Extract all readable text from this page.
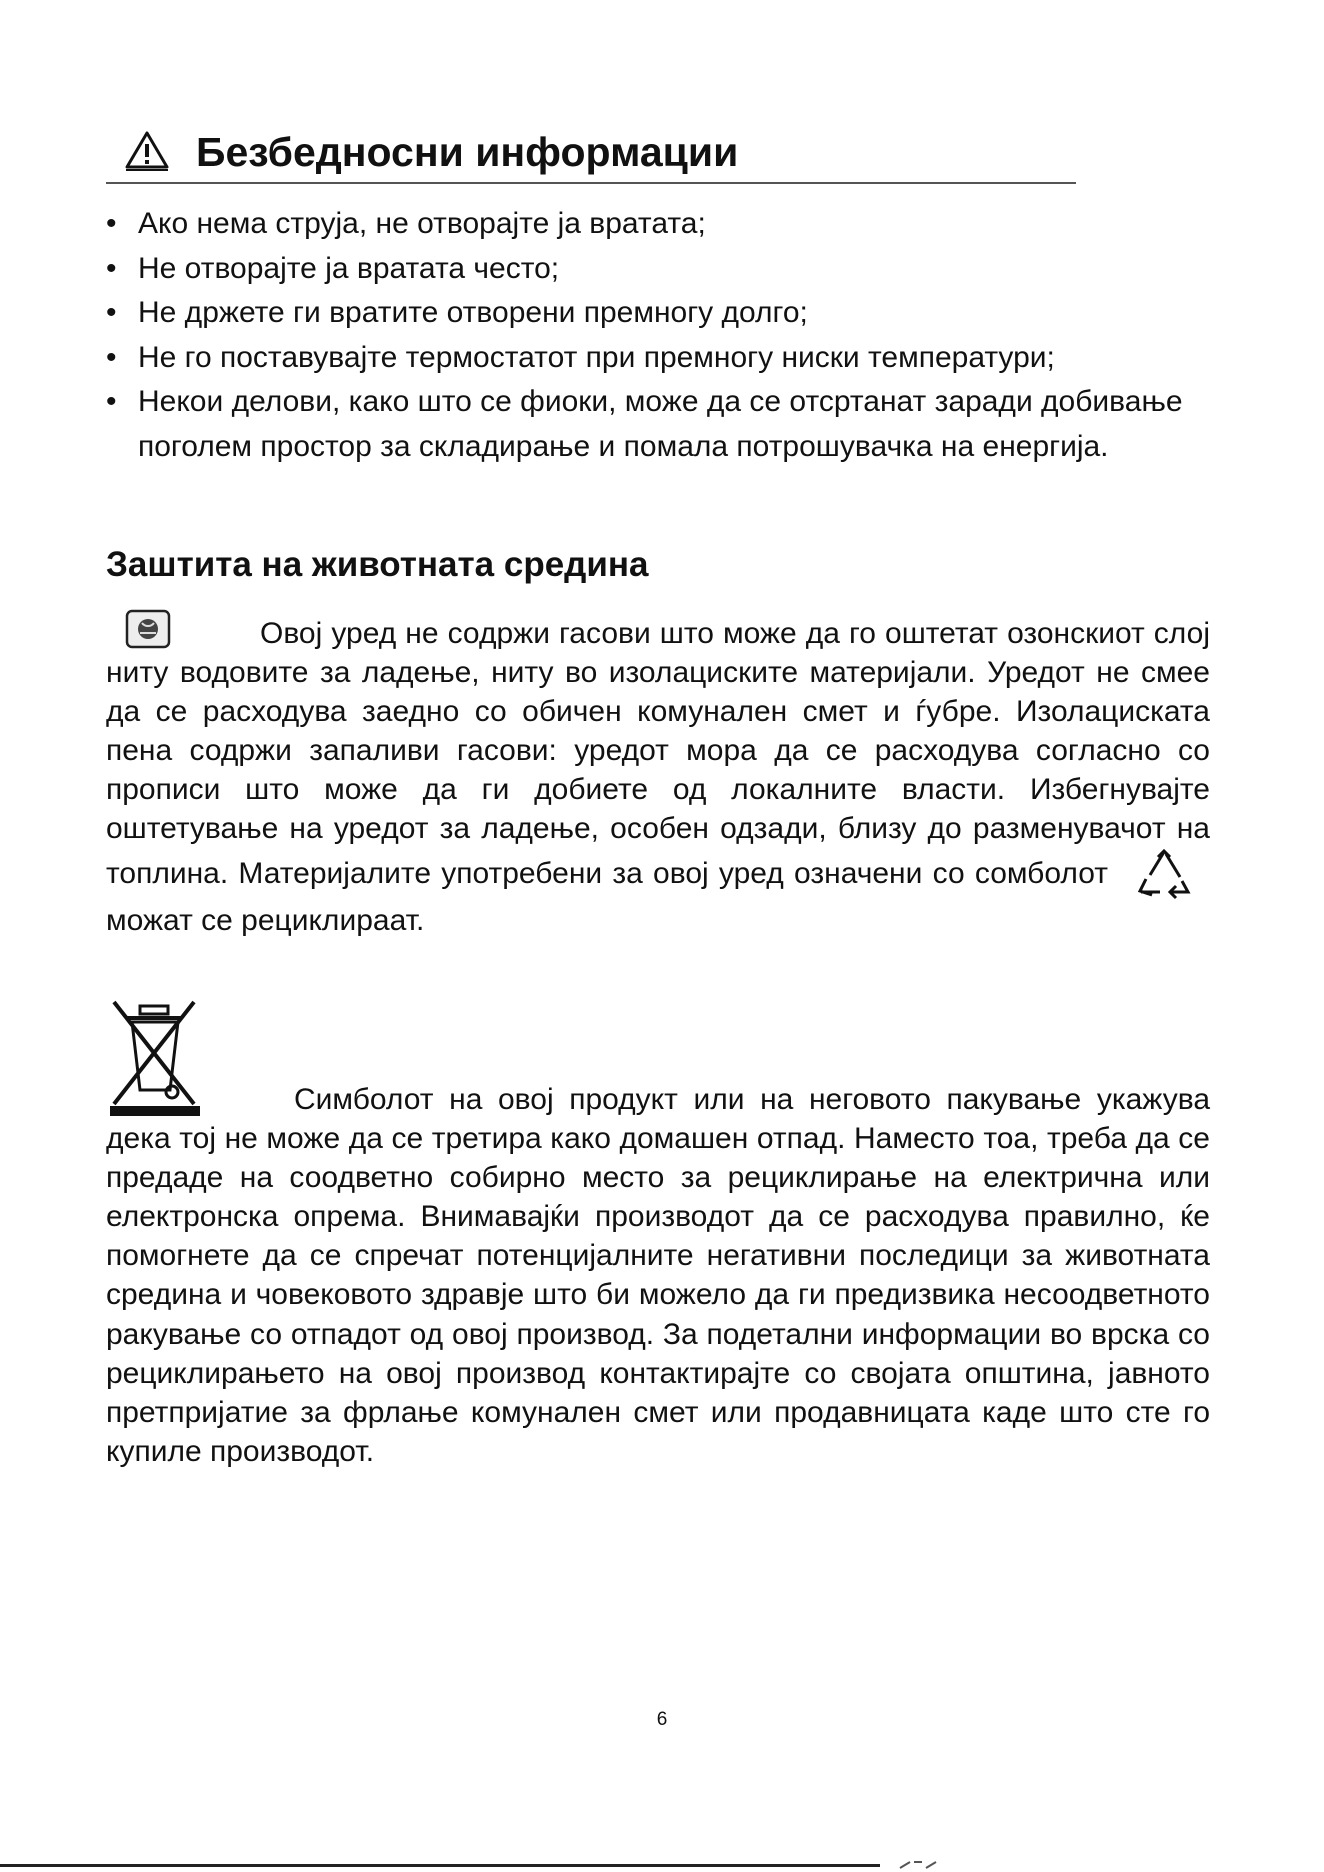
Безбедносни информации
• Ако нема струја, не отворајте ја вратата;
• Не отворајте ја вратата често;
• Не држете ги вратите отворени премногу долго;
• Не го поставувајте термостатот при премногу ниски температури;
• Некои делови, како што се фиоки, може да се отсртанат заради добивање поголем простор за складирање и помала потрошувачка на енергија.
Заштита на животната средина
Овој уред не содржи гасови што може да го оштетат озонскиот слој ниту водовите за ладење, ниту во изолациските материјали. Уредот не смее да се расходува заедно со обичен комунален смет и ѓубре. Изолациската пена содржи запаливи гасови: уредот мора да се расходува согласно со прописи што може да ги добиете од локалните власти. Избегнувајте оштетување на уредот за ладење, особен одзади, близу до разменувачот на топлина. Материјалите употребени за овој уред означени со сомболотможат се рециклираат.
Симболот на овој продукт или на неговото пакување укажува дека тој не може да се третира како домашен отпад. Наместо тоа, треба да се предаде на соодветно собирно место за рециклирање на електрична или електронска опрема. Внимавајќи производот да се расходува правилно, ќе помогнете да се спречат потенцијалните негативни последици за животната средина и човековото здравје што би можело да ги предизвика несоодветното ракување со отпадот од овој производ. За подетални информации во врска со рециклирањето на овој производ контактирајте со својата општина, јавното претпријатие за фрлање комунален смет или продавницата каде што сте го купиле производот.
6
